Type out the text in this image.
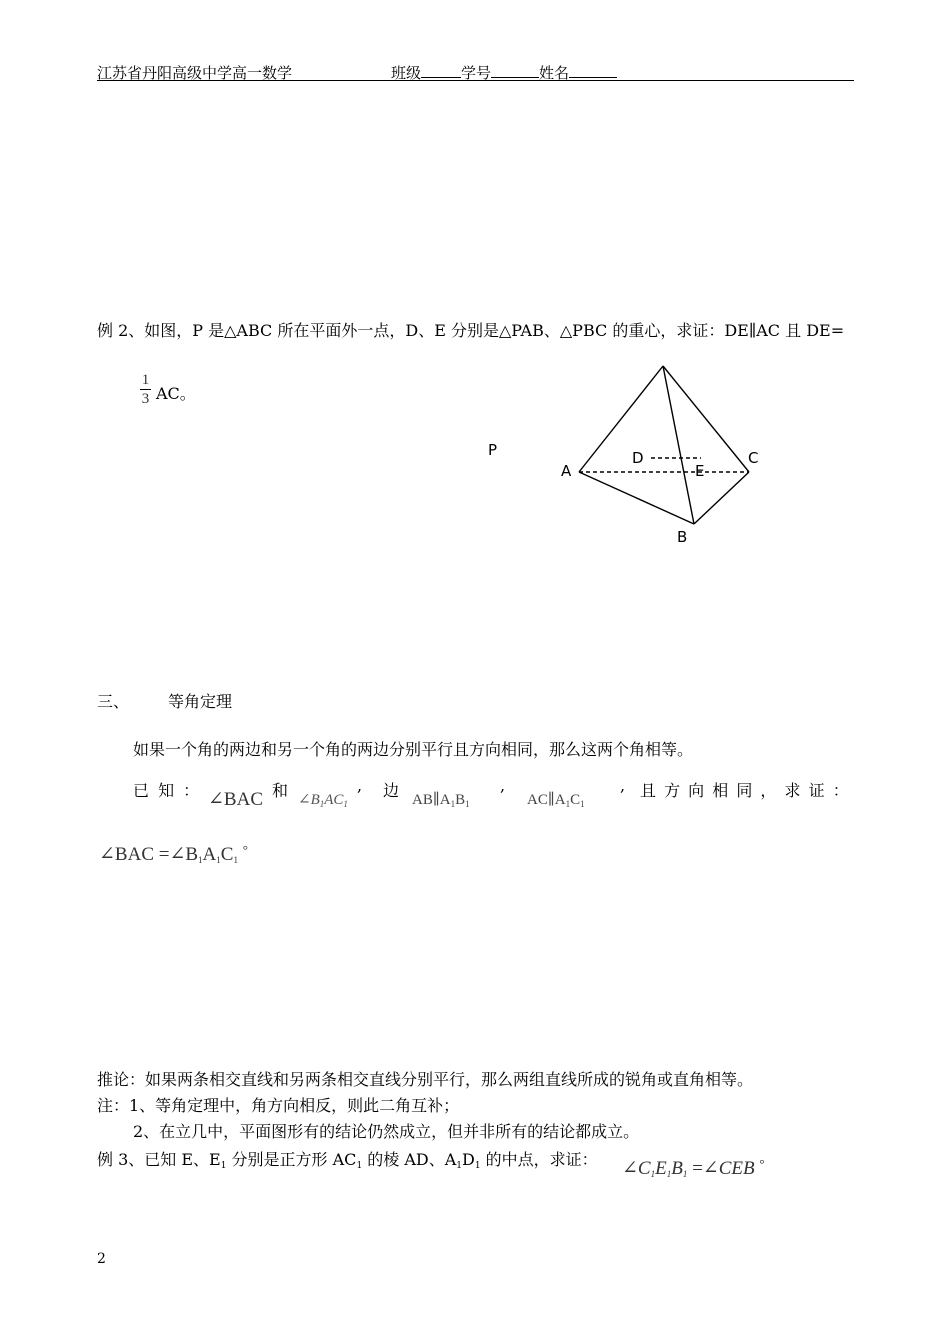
江苏省丹阳高级中学高一数学	班级	学号	姓名
例 2、如图，P 是△ABC 所在平面外一点，D、E 分别是△PAB、△PBC 的重心，求证：DE∥AC 且 DE=
$\frac{1}{3}$ AC。
P
A
D
E
C
B
三、 等角定理
如果一个角的两边和另一个角的两边分别平行且方向相同，那么这两个角相等。
已 知 ： ∠BAC 和 $\angle B_1AC_1$
, 边 $AB\parallel A_1B_1$
,
$AC\parallel A_1C_1$
, 且 方 向 相 同 ， 求 证 ：
∠BAC $=\angle B_1A_1C_1$ °
推论：如果两条相交直线和另两条相交直线分别平行，那么两组直线所成的锐角或直角相等。
注：1、等角定理中，角方向相反，则此二角互补；
2、在立几中，平面图形有的结论仍然成立，但并非所有的结论都成立。
例 3、已知 E、$E_1$ 分别是正方形 $AC_1$ 的棱 AD、$A_1D_1$ 的中点，求证： $\angle C_1E_1B_1$ =∠CEB °
2
